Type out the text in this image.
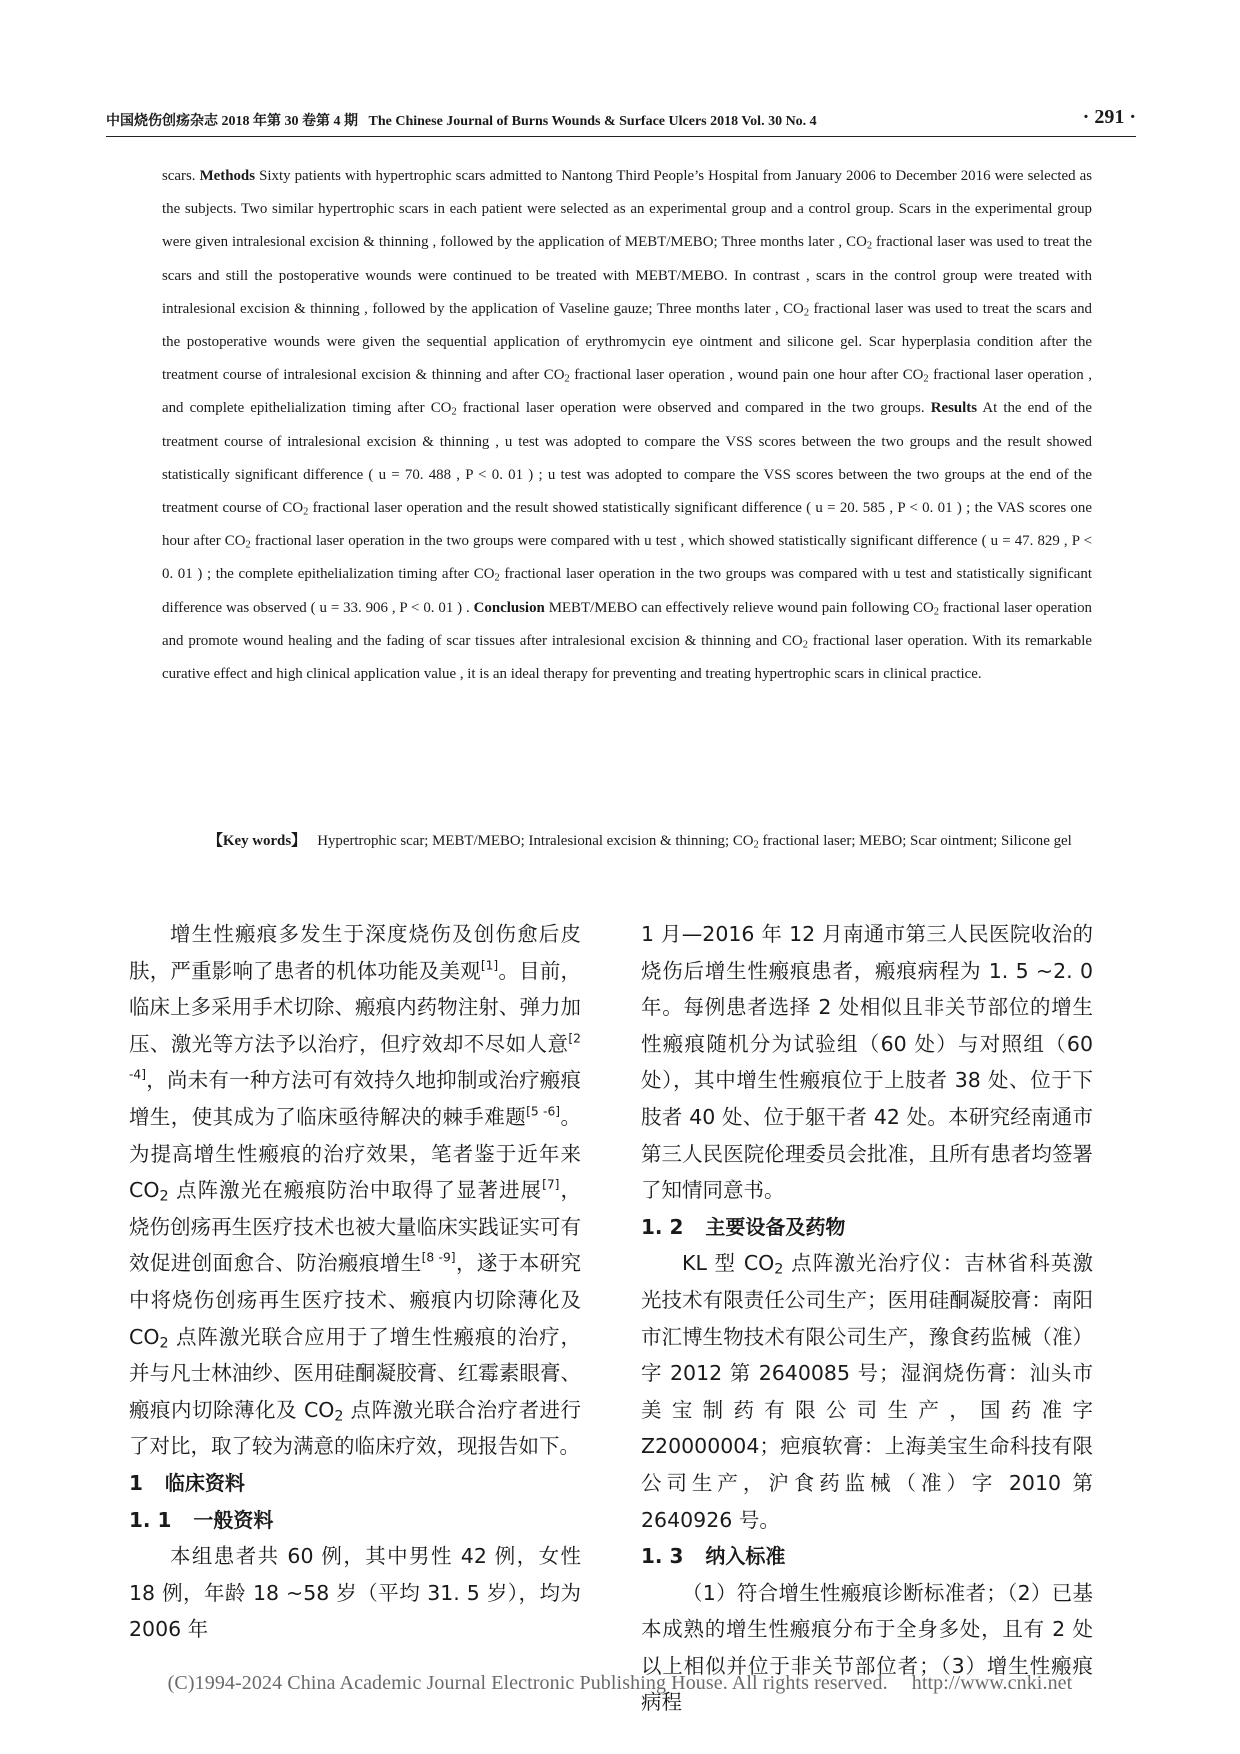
中国烧伤创疡杂志 2018 年第 30 卷第 4 期 The Chinese Journal of Burns Wounds & Surface Ulcers 2018 Vol. 30 No. 4	· 291 ·
scars. Methods Sixty patients with hypertrophic scars admitted to Nantong Third People’s Hospital from January 2006 to December 2016 were selected as the subjects. Two similar hypertrophic scars in each patient were selected as an experimental group and a control group. Scars in the experimental group were given intralesional excision & thinning , followed by the application of MEBT/MEBO; Three months later , $CO_2$ fractional laser was used to treat the scars and still the postoperative wounds were continued to be treated with MEBT/MEBO. In contrast , scars in the control group were treated with intralesional excision & thinning , followed by the application of Vaseline gauze; Three months later , $CO_2$ fractional laser was used to treat the scars and the postoperative wounds were given the sequential application of erythromycin eye ointment and silicone gel. Scar hyperplasia condition after the treatment course of intralesional excision & thinning and after $CO_2$ fractional laser operation , wound pain one hour after $CO_2$ fractional laser operation , and complete epithelialization timing after $CO_2$ fractional laser operation were observed and compared in the two groups. Results At the end of the treatment course of intralesional excision & thinning , u test was adopted to compare the VSS scores between the two groups and the result showed statistically significant difference ( u = 70. 488 , P < 0. 01 ) ; u test was adopted to compare the VSS scores between the two groups at the end of the treatment course of $CO_2$ fractional laser operation and the result showed statistically significant difference ( u = 20. 585 , P < 0. 01 ) ; the VAS scores one hour after $CO_2$ fractional laser operation in the two groups were compared with u test , which showed statistically significant difference ( u = 47. 829 , P < 0. 01 ) ; the complete epithelialization timing after $CO_2$ fractional laser operation in the two groups was compared with u test and statistically significant difference was observed ( u = 33. 906 , P < 0. 01 ) . Conclusion MEBT/MEBO can effectively relieve wound pain following $CO_2$ fractional laser operation and promote wound healing and the fading of scar tissues after intralesional excision & thinning and $CO_2$ fractional laser operation. With its remarkable curative effect and high clinical application value , it is an ideal therapy for preventing and treating hypertrophic scars in clinical practice.
【Key words】 Hypertrophic scar; MEBT/MEBO; Intralesional excision & thinning; $CO_2$ fractional laser; MEBO; Scar ointment; Silicone gel

增生性瘢痕多发生于深度烧伤及创伤愈后皮肤，严重影响了患者的机体功能及美观[1]。目前，临床上多采用手术切除、瘢痕内药物注射、弹力加压、激光等方法予以治疗，但疗效却不尽如人意[2 -4]，尚未有一种方法可有效持久地抑制或治疗瘢痕增生，使其成为了临床亟待解决的棘手难题[5 -6]。为提高增生性瘢痕的治疗效果，笔者鉴于近年来 $CO_2$ 点阵激光在瘢痕防治中取得了显著进展[7]，烧伤创疡再生医疗技术也被大量临床实践证实可有效促进创面愈合、防治瘢痕增生[8 -9]，遂于本研究中将烧伤创疡再生医疗技术、瘢痕内切除薄化及 $CO_2$ 点阵激光联合应用于了增生性瘢痕的治疗，并与凡士林油纱、医用硅酮凝胶膏、红霉素眼膏、瘢痕内切除薄化及 $CO_2$ 点阵激光联合治疗者进行了对比，取了较为满意的临床疗效，现报告如下。

1 临床资料
1. 1 一般资料

本组患者共 60 例，其中男性 42 例，女性 18 例，年龄 18 ~58 岁（平均 31. 5 岁），均为 2006 年

1 月—2016 年 12 月南通市第三人民医院收治的烧伤后增生性瘢痕患者，瘢痕病程为 1. 5 ~2. 0 年。每例患者选择 2 处相似且非关节部位的增生性瘢痕随机分为试验组（60 处）与对照组（60 处），其中增生性瘢痕位于上肢者 38 处、位于下肢者 40 处、位于躯干者 42 处。本研究经南通市第三人民医院伦理委员会批准，且所有患者均签署了知情同意书。

1. 2 主要设备及药物

KL 型 $CO_2$ 点阵激光治疗仪：吉林省科英激光技术有限责任公司生产；医用硅酮凝胶膏：南阳市汇博生物技术有限公司生产，豫食药监械（准）字 2012 第 2640085 号；湿润烧伤膏：汕头市美宝制药有限公司生产，国药准字 Z20000004；疤痕软膏：上海美宝生命科技有限公司生产，沪食药监械（准）字 2010 第 2640926 号。

1. 3 纳入标准

（1）符合增生性瘢痕诊断标准者；（2）已基本成熟的增生性瘢痕分布于全身多处，且有 2 处以上相似并位于非关节部位者；（3）增生性瘢痕病程

(C)1994-2024 China Academic Journal Electronic Publishing House. All rights reserved. http://www.cnki.net
